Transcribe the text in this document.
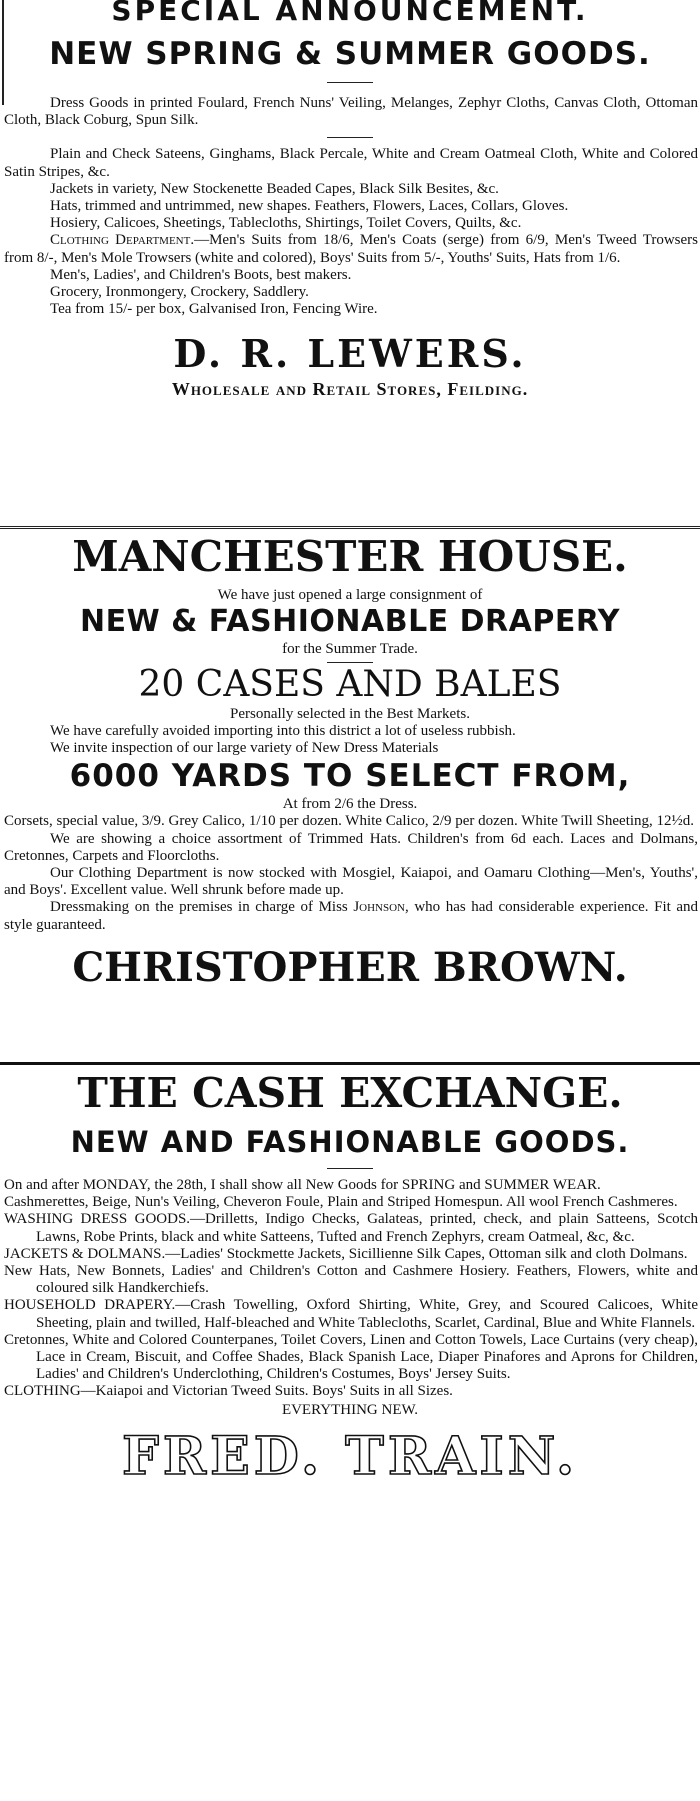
SPECIAL ANNOUNCEMENT.
NEW SPRING & SUMMER GOODS.

Dress Goods in printed Foulard, French Nuns' Veiling, Melanges, Zephyr Cloths, Canvas Cloth, Ottoman Cloth, Black Coburg, Spun Silk.

Plain and Check Sateens, Ginghams, Black Percale, White and Cream Oatmeal Cloth, White and Colored Satin Stripes, &c.

Jackets in variety, New Stockenette Beaded Capes, Black Silk Besites, &c.

Hats, trimmed and untrimmed, new shapes. Feathers, Flowers, Laces, Collars, Gloves.

Hosiery, Calicoes, Sheetings, Tablecloths, Shirtings, Toilet Covers, Quilts, &c.

Clothing Department.—Men's Suits from 18/6, Men's Coats (serge) from 6/9, Men's Tweed Trowsers from 8/-, Men's Mole Trowsers (white and colored), Boys' Suits from 5/-, Youths' Suits, Hats from 1/6.

Men's, Ladies', and Children's Boots, best makers.

Grocery, Ironmongery, Crockery, Saddlery.

Tea from 15/- per box, Galvanised Iron, Fencing Wire.

D. R. LEWERS.
Wholesale and Retail Stores, Feilding.
MANCHESTER HOUSE.
We have just opened a large consignment of
NEW & FASHIONABLE DRAPERY
for the Summer Trade.
20 CASES AND BALES
Personally selected in the Best Markets.

We have carefully avoided importing into this district a lot of useless rubbish.

We invite inspection of our large variety of New Dress Materials

6000 YARDS TO SELECT FROM,
At from 2/6 the Dress.

Corsets, special value, 3/9. Grey Calico, 1/10 per dozen. White Calico, 2/9 per dozen. White Twill Sheeting, 12½d.

We are showing a choice assortment of Trimmed Hats. Children's from 6d each. Laces and Dolmans, Cretonnes, Carpets and Floorcloths.

Our Clothing Department is now stocked with Mosgiel, Kaiapoi, and Oamaru Clothing—Men's, Youths', and Boys'. Excellent value. Well shrunk before made up.

Dressmaking on the premises in charge of Miss Johnson, who has had considerable experience. Fit and style guaranteed.

CHRISTOPHER BROWN.
THE CASH EXCHANGE.
NEW AND FASHIONABLE GOODS.

On and after MONDAY, the 28th, I shall show all New Goods for SPRING and SUMMER WEAR.

Cashmerettes, Beige, Nun's Veiling, Cheveron Foule, Plain and Striped Homespun. All wool French Cashmeres.

WASHING DRESS GOODS.—Drilletts, Indigo Checks, Galateas, printed, check, and plain Satteens, Scotch Lawns, Robe Prints, black and white Satteens, Tufted and French Zephyrs, cream Oatmeal, &c, &c.

JACKETS & DOLMANS.—Ladies' Stockmette Jackets, Sicillienne Silk Capes, Ottoman silk and cloth Dolmans.

New Hats, New Bonnets, Ladies' and Children's Cotton and Cashmere Hosiery. Feathers, Flowers, white and coloured silk Handkerchiefs.

HOUSEHOLD DRAPERY.—Crash Towelling, Oxford Shirting, White, Grey, and Scoured Calicoes, White Sheeting, plain and twilled, Half-bleached and White Tablecloths, Scarlet, Cardinal, Blue and White Flannels.

Cretonnes, White and Colored Counterpanes, Toilet Covers, Linen and Cotton Towels, Lace Curtains (very cheap), Lace in Cream, Biscuit, and Coffee Shades, Black Spanish Lace, Diaper Pinafores and Aprons for Children, Ladies' and Children's Underclothing, Children's Costumes, Boys' Jersey Suits.

CLOTHING—Kaiapoi and Victorian Tweed Suits. Boys' Suits in all Sizes.

EVERYTHING NEW.
FRED. TRAIN.
